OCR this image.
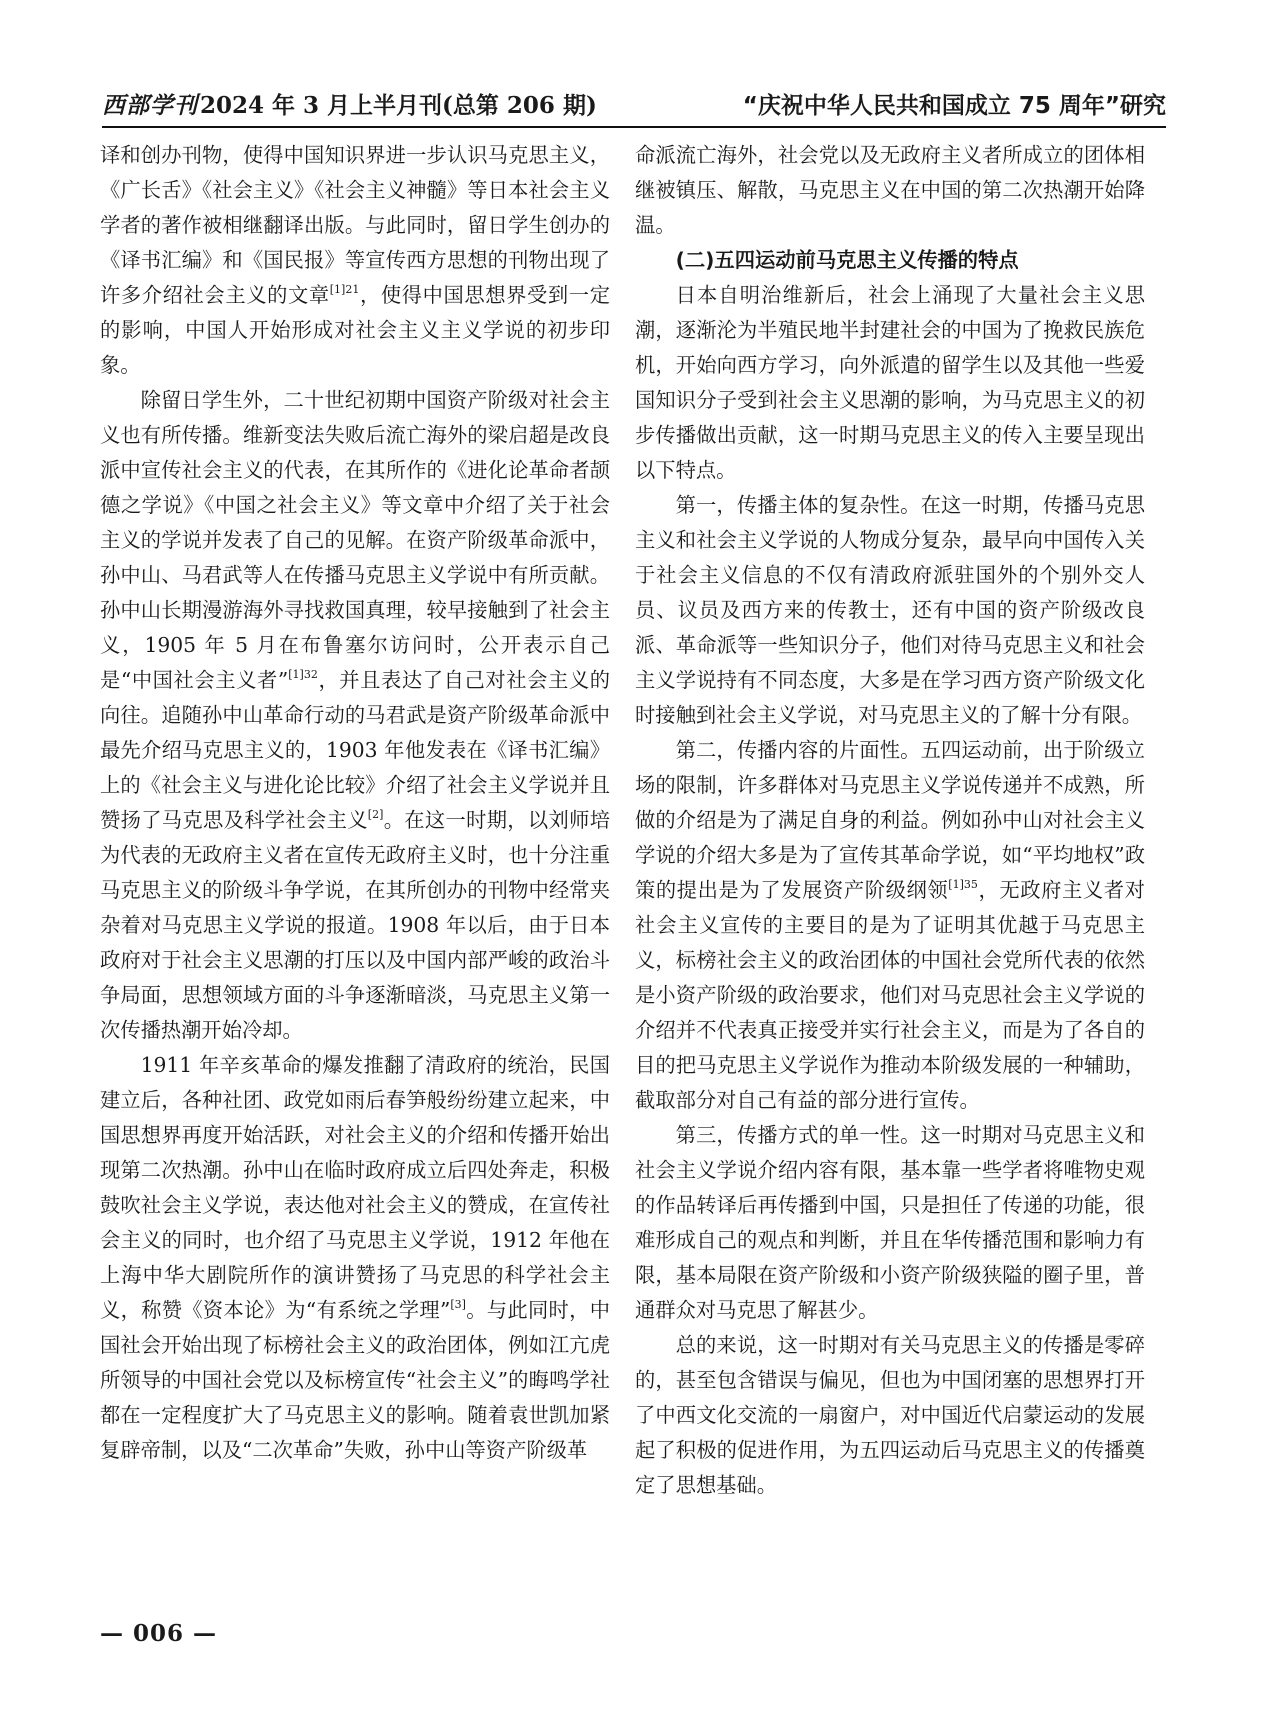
西部学刊 2024 年 3 月上半月刊(总第 206 期)	“庆祝中华人民共和国成立 75 周年”研究

译和创办刊物，使得中国知识界进一步认识马克思主义，《广长舌》《社会主义》《社会主义神髓》等日本社会主义学者的著作被相继翻译出版。与此同时，留日学生创办的《译书汇编》和《国民报》等宣传西方思想的刊物出现了许多介绍社会主义的文章$^{[1]21}$，使得中国思想界受到一定的影响，中国人开始形成对社会主义主义学说的初步印象。

除留日学生外，二十世纪初期中国资产阶级对社会主义也有所传播。维新变法失败后流亡海外的梁启超是改良派中宣传社会主义的代表，在其所作的《进化论革命者颉德之学说》《中国之社会主义》等文章中介绍了关于社会主义的学说并发表了自己的见解。在资产阶级革命派中，孙中山、马君武等人在传播马克思主义学说中有所贡献。孙中山长期漫游海外寻找救国真理，较早接触到了社会主义，1905 年 5 月在布鲁塞尔访问时，公开表示自己是“中国社会主义者”$^{[1]32}$，并且表达了自己对社会主义的向往。追随孙中山革命行动的马君武是资产阶级革命派中最先介绍马克思主义的，1903 年他发表在《译书汇编》上的《社会主义与进化论比较》介绍了社会主义学说并且赞扬了马克思及科学社会主义[2]。在这一时期，以刘师培为代表的无政府主义者在宣传无政府主义时，也十分注重马克思主义的阶级斗争学说，在其所创办的刊物中经常夹杂着对马克思主义学说的报道。1908 年以后，由于日本政府对于社会主义思潮的打压以及中国内部严峻的政治斗争局面，思想领域方面的斗争逐渐暗淡，马克思主义第一次传播热潮开始冷却。

1911 年辛亥革命的爆发推翻了清政府的统治，民国建立后，各种社团、政党如雨后春笋般纷纷建立起来，中国思想界再度开始活跃，对社会主义的介绍和传播开始出现第二次热潮。孙中山在临时政府成立后四处奔走，积极鼓吹社会主义学说，表达他对社会主义的赞成，在宣传社会主义的同时，也介绍了马克思主义学说，1912 年他在上海中华大剧院所作的演讲赞扬了马克思的科学社会主义，称赞《资本论》为“有系统之学理”[3]。与此同时，中国社会开始出现了标榜社会主义的政治团体，例如江亢虎所领导的中国社会党以及标榜宣传“社会主义”的晦鸣学社都在一定程度扩大了马克思主义的影响。随着袁世凯加紧复辟帝制，以及“二次革命”失败，孙中山等资产阶级革

命派流亡海外，社会党以及无政府主义者所成立的团体相继被镇压、解散，马克思主义在中国的第二次热潮开始降温。

(二)五四运动前马克思主义传播的特点

日本自明治维新后，社会上涌现了大量社会主义思潮，逐渐沦为半殖民地半封建社会的中国为了挽救民族危机，开始向西方学习，向外派遣的留学生以及其他一些爱国知识分子受到社会主义思潮的影响，为马克思主义的初步传播做出贡献，这一时期马克思主义的传入主要呈现出以下特点。

第一，传播主体的复杂性。在这一时期，传播马克思主义和社会主义学说的人物成分复杂，最早向中国传入关于社会主义信息的不仅有清政府派驻国外的个别外交人员、议员及西方来的传教士，还有中国的资产阶级改良派、革命派等一些知识分子，他们对待马克思主义和社会主义学说持有不同态度，大多是在学习西方资产阶级文化时接触到社会主义学说，对马克思主义的了解十分有限。

第二，传播内容的片面性。五四运动前，出于阶级立场的限制，许多群体对马克思主义学说传递并不成熟，所做的介绍是为了满足自身的利益。例如孙中山对社会主义学说的介绍大多是为了宣传其革命学说，如“平均地权”政策的提出是为了发展资产阶级纲领$^{[1]35}$，无政府主义者对社会主义宣传的主要目的是为了证明其优越于马克思主义，标榜社会主义的政治团体的中国社会党所代表的依然是小资产阶级的政治要求，他们对马克思社会主义学说的介绍并不代表真正接受并实行社会主义，而是为了各自的目的把马克思主义学说作为推动本阶级发展的一种辅助，截取部分对自己有益的部分进行宣传。

第三，传播方式的单一性。这一时期对马克思主义和社会主义学说介绍内容有限，基本靠一些学者将唯物史观的作品转译后再传播到中国，只是担任了传递的功能，很难形成自己的观点和判断，并且在华传播范围和影响力有限，基本局限在资产阶级和小资产阶级狭隘的圈子里，普通群众对马克思了解甚少。

总的来说，这一时期对有关马克思主义的传播是零碎的，甚至包含错误与偏见，但也为中国闭塞的思想界打开了中西文化交流的一扇窗户，对中国近代启蒙运动的发展起了积极的促进作用，为五四运动后马克思主义的传播奠定了思想基础。

— 006 —
